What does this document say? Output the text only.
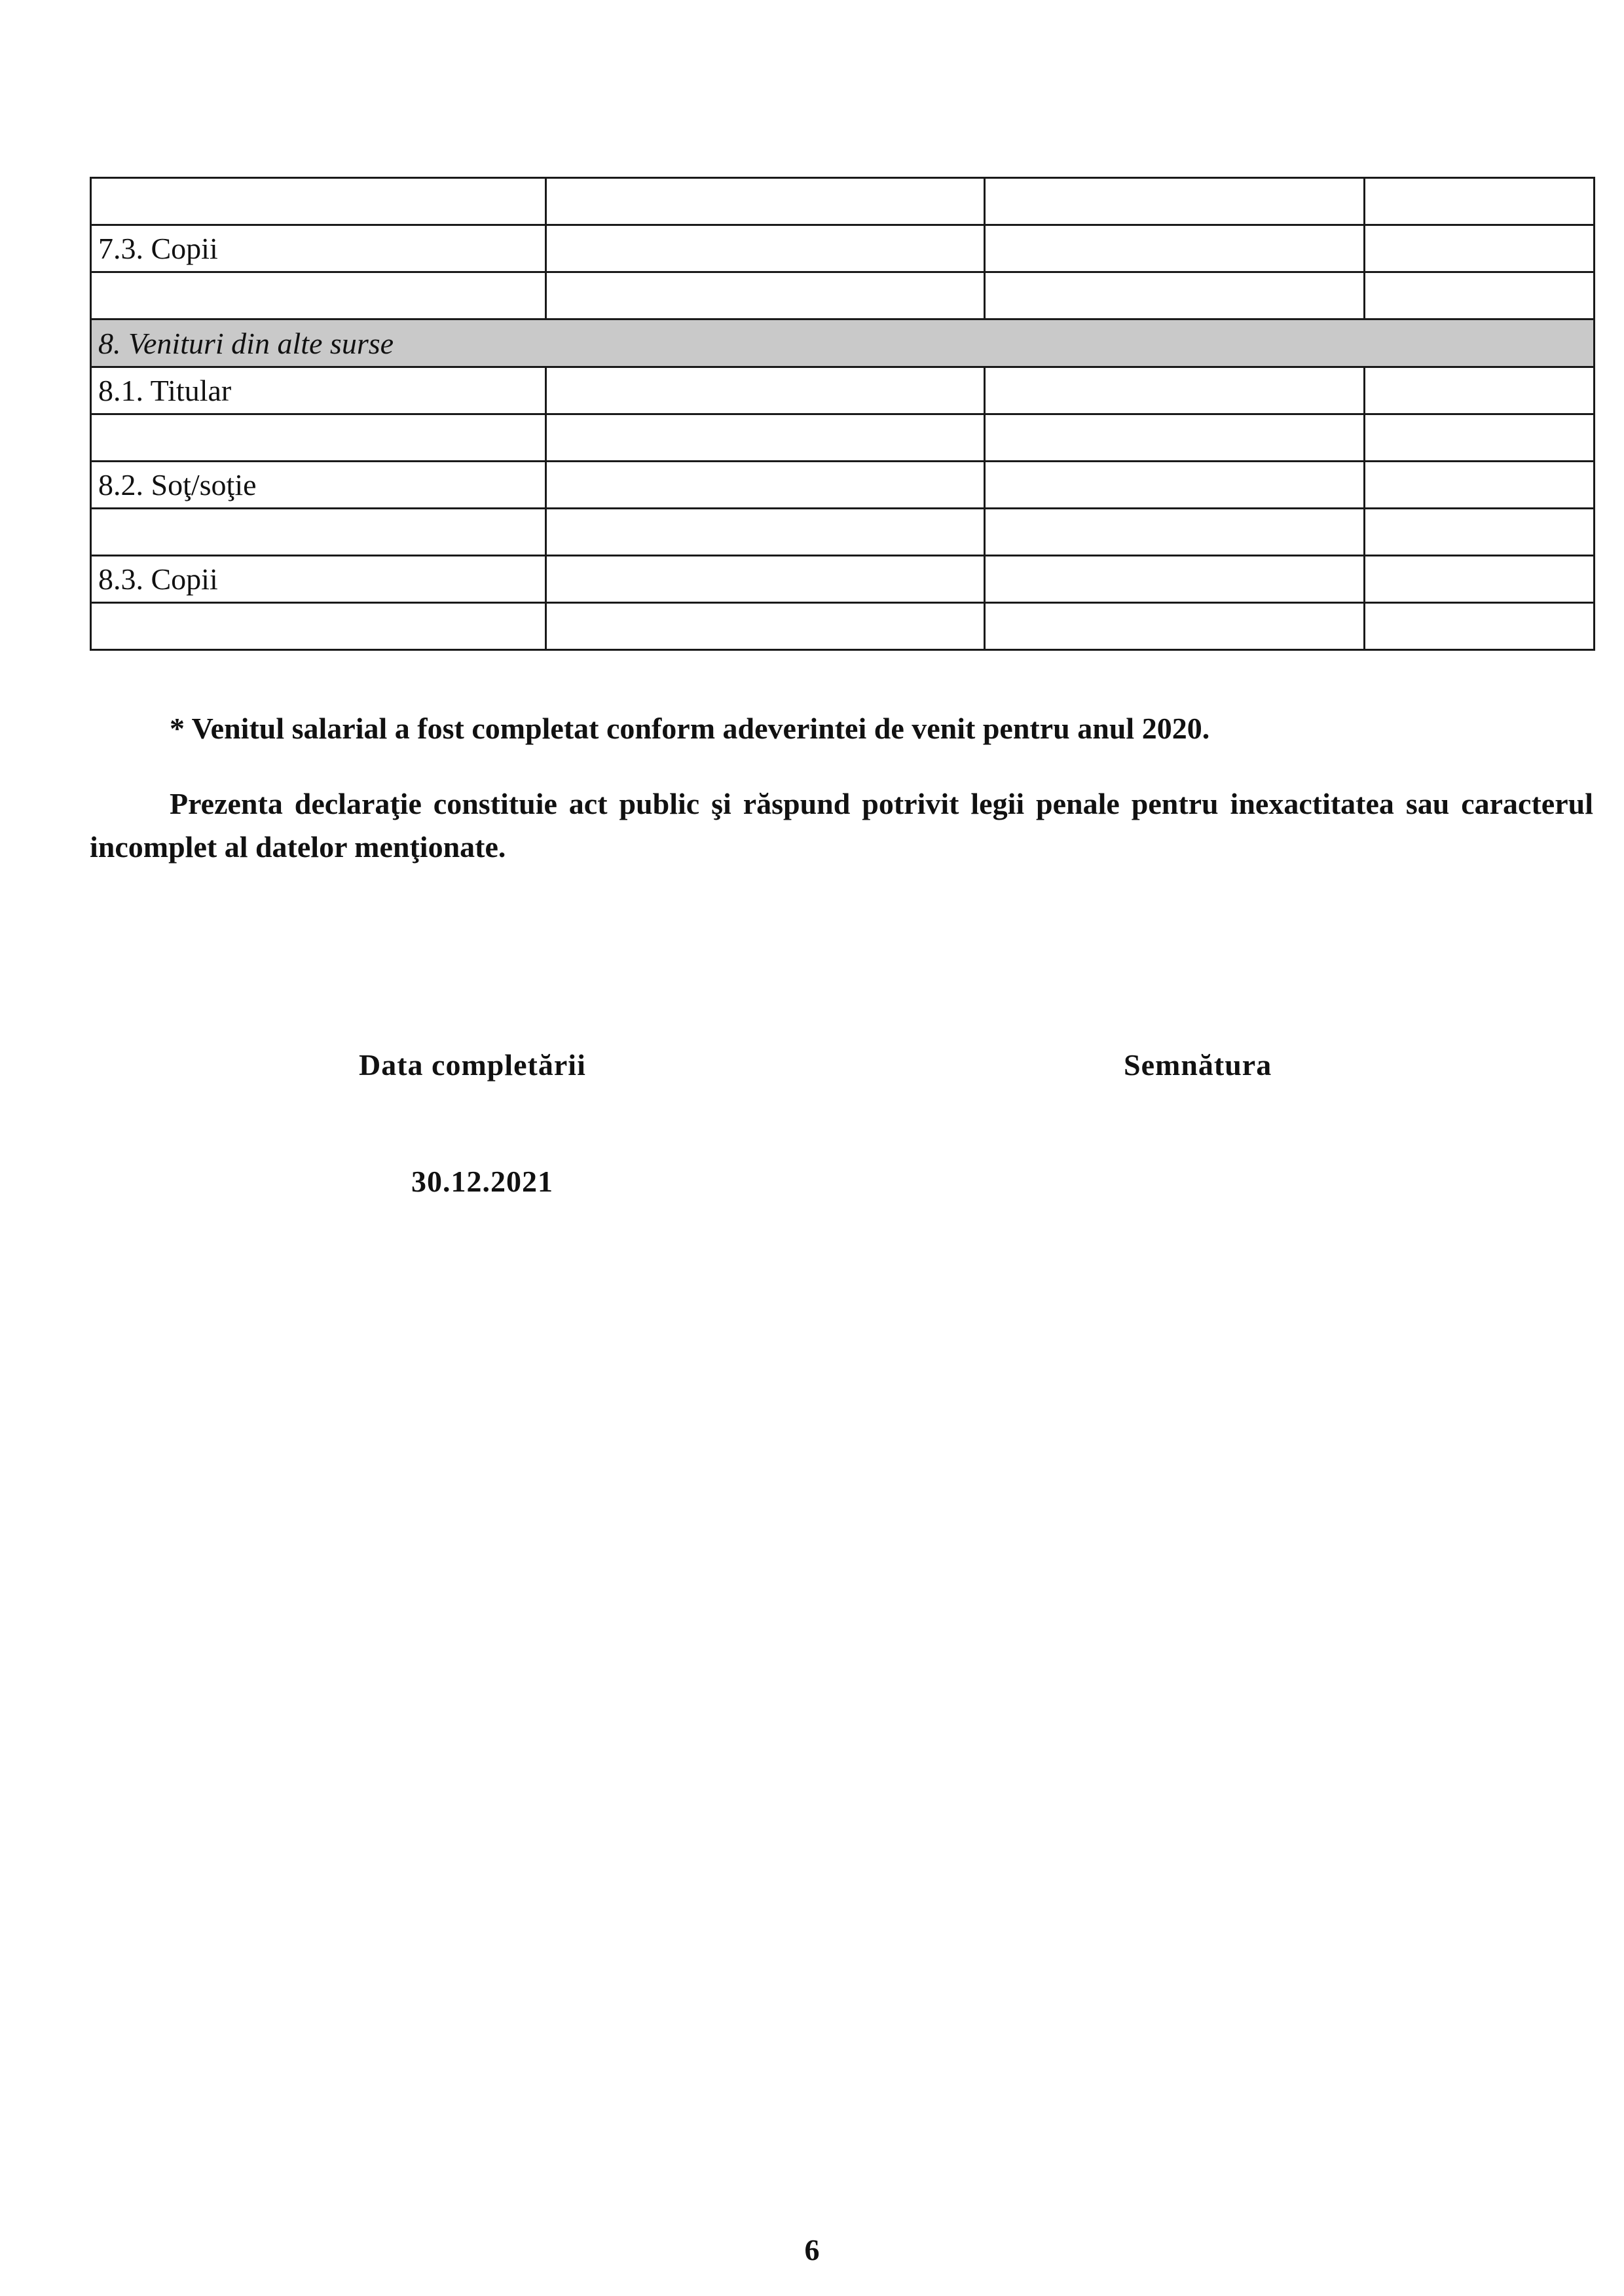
7.3. Copii			

8. Venituri din alte surse			
8.1. Titular			

8.2. Soţ/soţie			

8.3. Copii			

* Venitul salarial a fost completat conform adeverintei de venit pentru anul 2020.

Prezenta declaraţie constituie act public şi răspund potrivit legii penale pentru inexactitatea sau caracterul incomplet al datelor menţionate.

Data completării	Semnătura
30.12.2021
6
